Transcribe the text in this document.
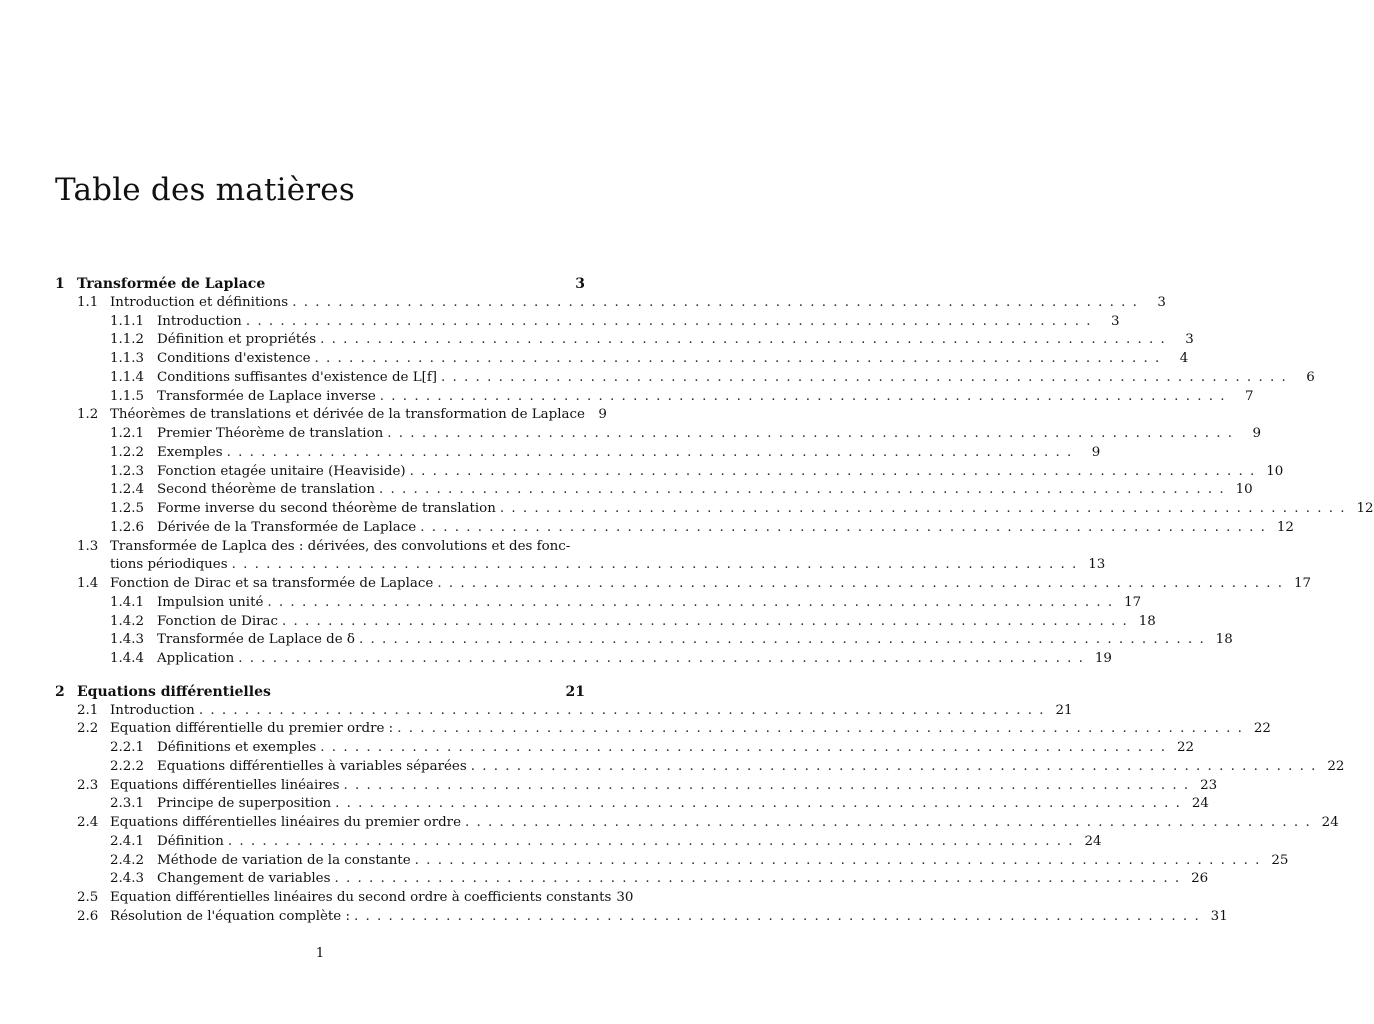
Table des matières
1 Transformée de Laplace	3
1.1 Introduction et définitions . . .	3
1.1.1 Introduction . . .	3
1.1.2 Définition et propriétés . . .	3
1.1.3 Conditions d'existence . . .	4
1.1.4 Conditions suffisantes d'existence de L[f] . . .	6
1.1.5 Transformée de Laplace inverse . . .	7
1.2 Théorèmes de translations et dérivée de la transformation de Laplace	9
1.2.1 Premier Théorème de translation . . .	9
1.2.2 Exemples . . .	9
1.2.3 Fonction etagée unitaire (Heaviside) . . .	10
1.2.4 Second théorème de translation . . .	10
1.2.5 Forme inverse du second théorème de translation . . .	12
1.2.6 Dérivée de la Transformée de Laplace . . .	12
1.3 Transformée de Laplca des : dérivées, des convolutions et des fonc-
tions périodiques . . .	13
1.4 Fonction de Dirac et sa transformée de Laplace . . .	17
1.4.1 Impulsion unité . . .	17
1.4.2 Fonction de Dirac . . .	18
1.4.3 Transformée de Laplace de δ . . .	18
1.4.4 Application . . .	19
2 Equations différentielles	21
2.1 Introduction . . .	21
2.2 Equation différentielle du premier ordre : . . .	22
2.2.1 Définitions et exemples . . .	22
2.2.2 Equations différentielles à variables séparées . . .	22
2.3 Equations différentielles linéaires . . .	23
2.3.1 Principe de superposition . . .	24
2.4 Equations différentielles linéaires du premier ordre . . .	24
2.4.1 Définition . . .	24
2.4.2 Méthode de variation de la constante . . .	25
2.4.3 Changement de variables . . .	26
2.5 Equation différentielles linéaires du second ordre à coefficients constants 30
2.6 Résolution de l'équation complète : . . .	31
1
